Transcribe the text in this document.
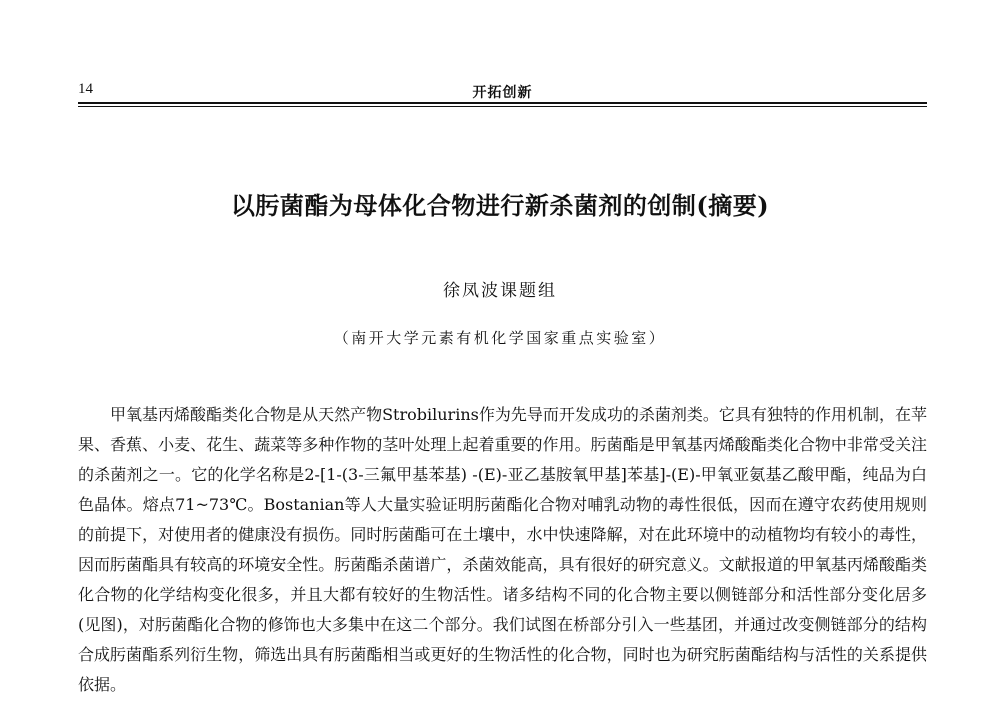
14	开拓创新
以肟菌酯为母体化合物进行新杀菌剂的创制(摘要)
徐凤波课题组
（南开大学元素有机化学国家重点实验室）

甲氧基丙烯酸酯类化合物是从天然产物Strobilurins作为先导而开发成功的杀菌剂类。它具有独特的作用机制，在苹果、香蕉、小麦、花生、蔬菜等多种作物的茎叶处理上起着重要的作用。肟菌酯是甲氧基丙烯酸酯类化合物中非常受关注的杀菌剂之一。它的化学名称是2-[1-(3-三氟甲基苯基) -(E)-亚乙基胺氧甲基]苯基]-(E)-甲氧亚氨基乙酸甲酯，纯品为白色晶体。熔点71~73℃。Bostanian等人大量实验证明肟菌酯化合物对哺乳动物的毒性很低，因而在遵守农药使用规则的前提下，对使用者的健康没有损伤。同时肟菌酯可在土壤中，水中快速降解，对在此环境中的动植物均有较小的毒性，因而肟菌酯具有较高的环境安全性。肟菌酯杀菌谱广，杀菌效能高，具有很好的研究意义。文献报道的甲氧基丙烯酸酯类化合物的化学结构变化很多，并且大都有较好的生物活性。诸多结构不同的化合物主要以侧链部分和活性部分变化居多(见图)，对肟菌酯化合物的修饰也大多集中在这二个部分。我们试图在桥部分引入一些基团，并通过改变侧链部分的结构合成肟菌酯系列衍生物，筛选出具有肟菌酯相当或更好的生物活性的化合物，同时也为研究肟菌酯结构与活性的关系提供依据。
